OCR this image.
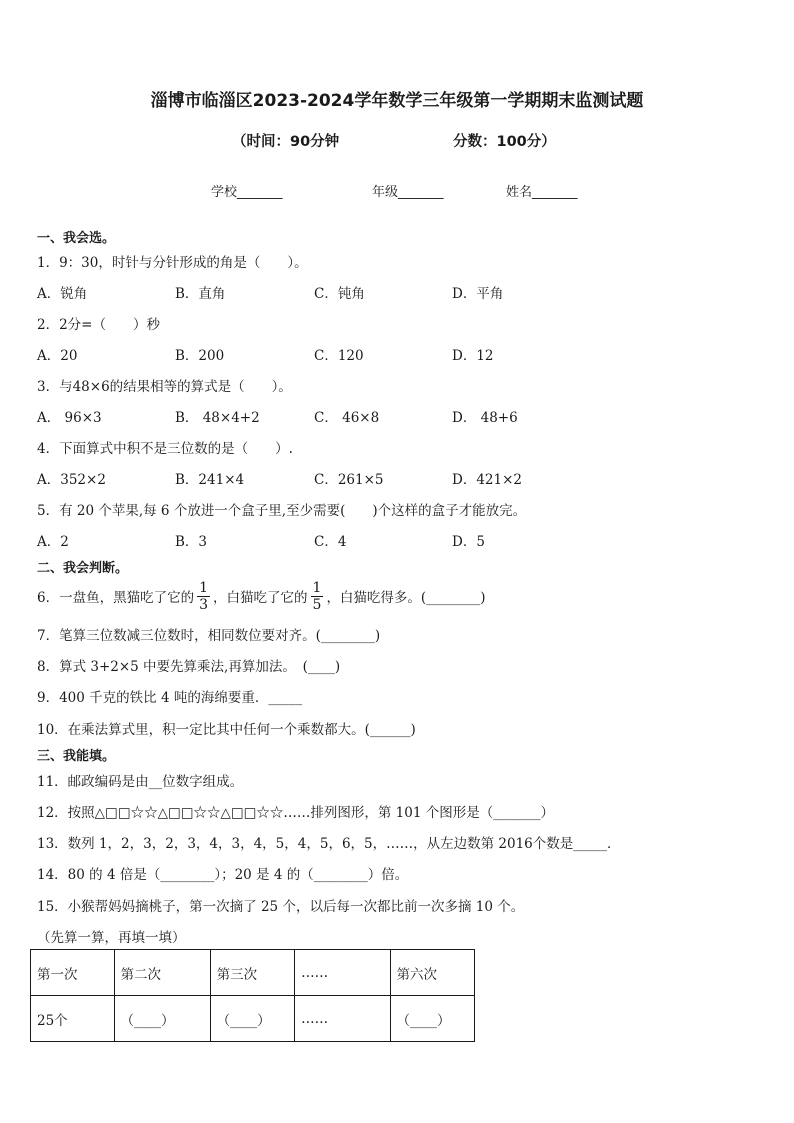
淄博市临淄区2023-2024学年数学三年级第一学期期末监测试题
（时间：90分钟	分数：100分）
学校_______	年级_______	姓名_______
一、我会选。
1．9：30，时针与分针形成的角是（　　）。
A．锐角	B．直角	C．钝角	D．平角
2．2分=（　　）秒
A．20	B．200	C．120	D．12
3．与48×6的结果相等的算式是（　　）。
A． 96×3	B． 48×4+2	C． 46×8	D． 48+6
4．下面算式中积不是三位数的是（　　）.
A．352×2	B．241×4	C．261×5	D．421×2
5．有 20 个苹果,每 6 个放进一个盒子里,至少需要(　　)个这样的盒子才能放完。
A．2	B．3	C．4	D．5
二、我会判断。
6．一盘鱼，黑猫吃了它的 $\frac{1}{3}$ ，白猫吃了它的 $\frac{1}{5}$ ，白猫吃得多。(________)
7．笔算三位数减三位数时，相同数位要对齐。(________)
8．算式 3+2×5 中要先算乘法,再算加法。　(____)
9．400 千克的铁比 4 吨的海绵要重．_____
10．在乘法算式里，积一定比其中任何一个乘数都大。(______)
三、我能填。
11．邮政编码是由__位数字组成。
12．按照△□□☆☆△□□☆☆△□□☆☆……排列图形，第 101 个图形是（_______）
13．数列 1，2，3，2，3，4，3，4，5，4，5，6，5，……，从左边数第 2016个数是_____．
14．80 的 4 倍是（________）；20 是 4 的（________）倍。
15．小猴帮妈妈摘桃子，第一次摘了 25 个，以后每一次都比前一次多摘 10 个。
（先算一算，再填一填）
第一次	第二次	第三次	……	第六次
25个	（____）	（____）	……	（____）
